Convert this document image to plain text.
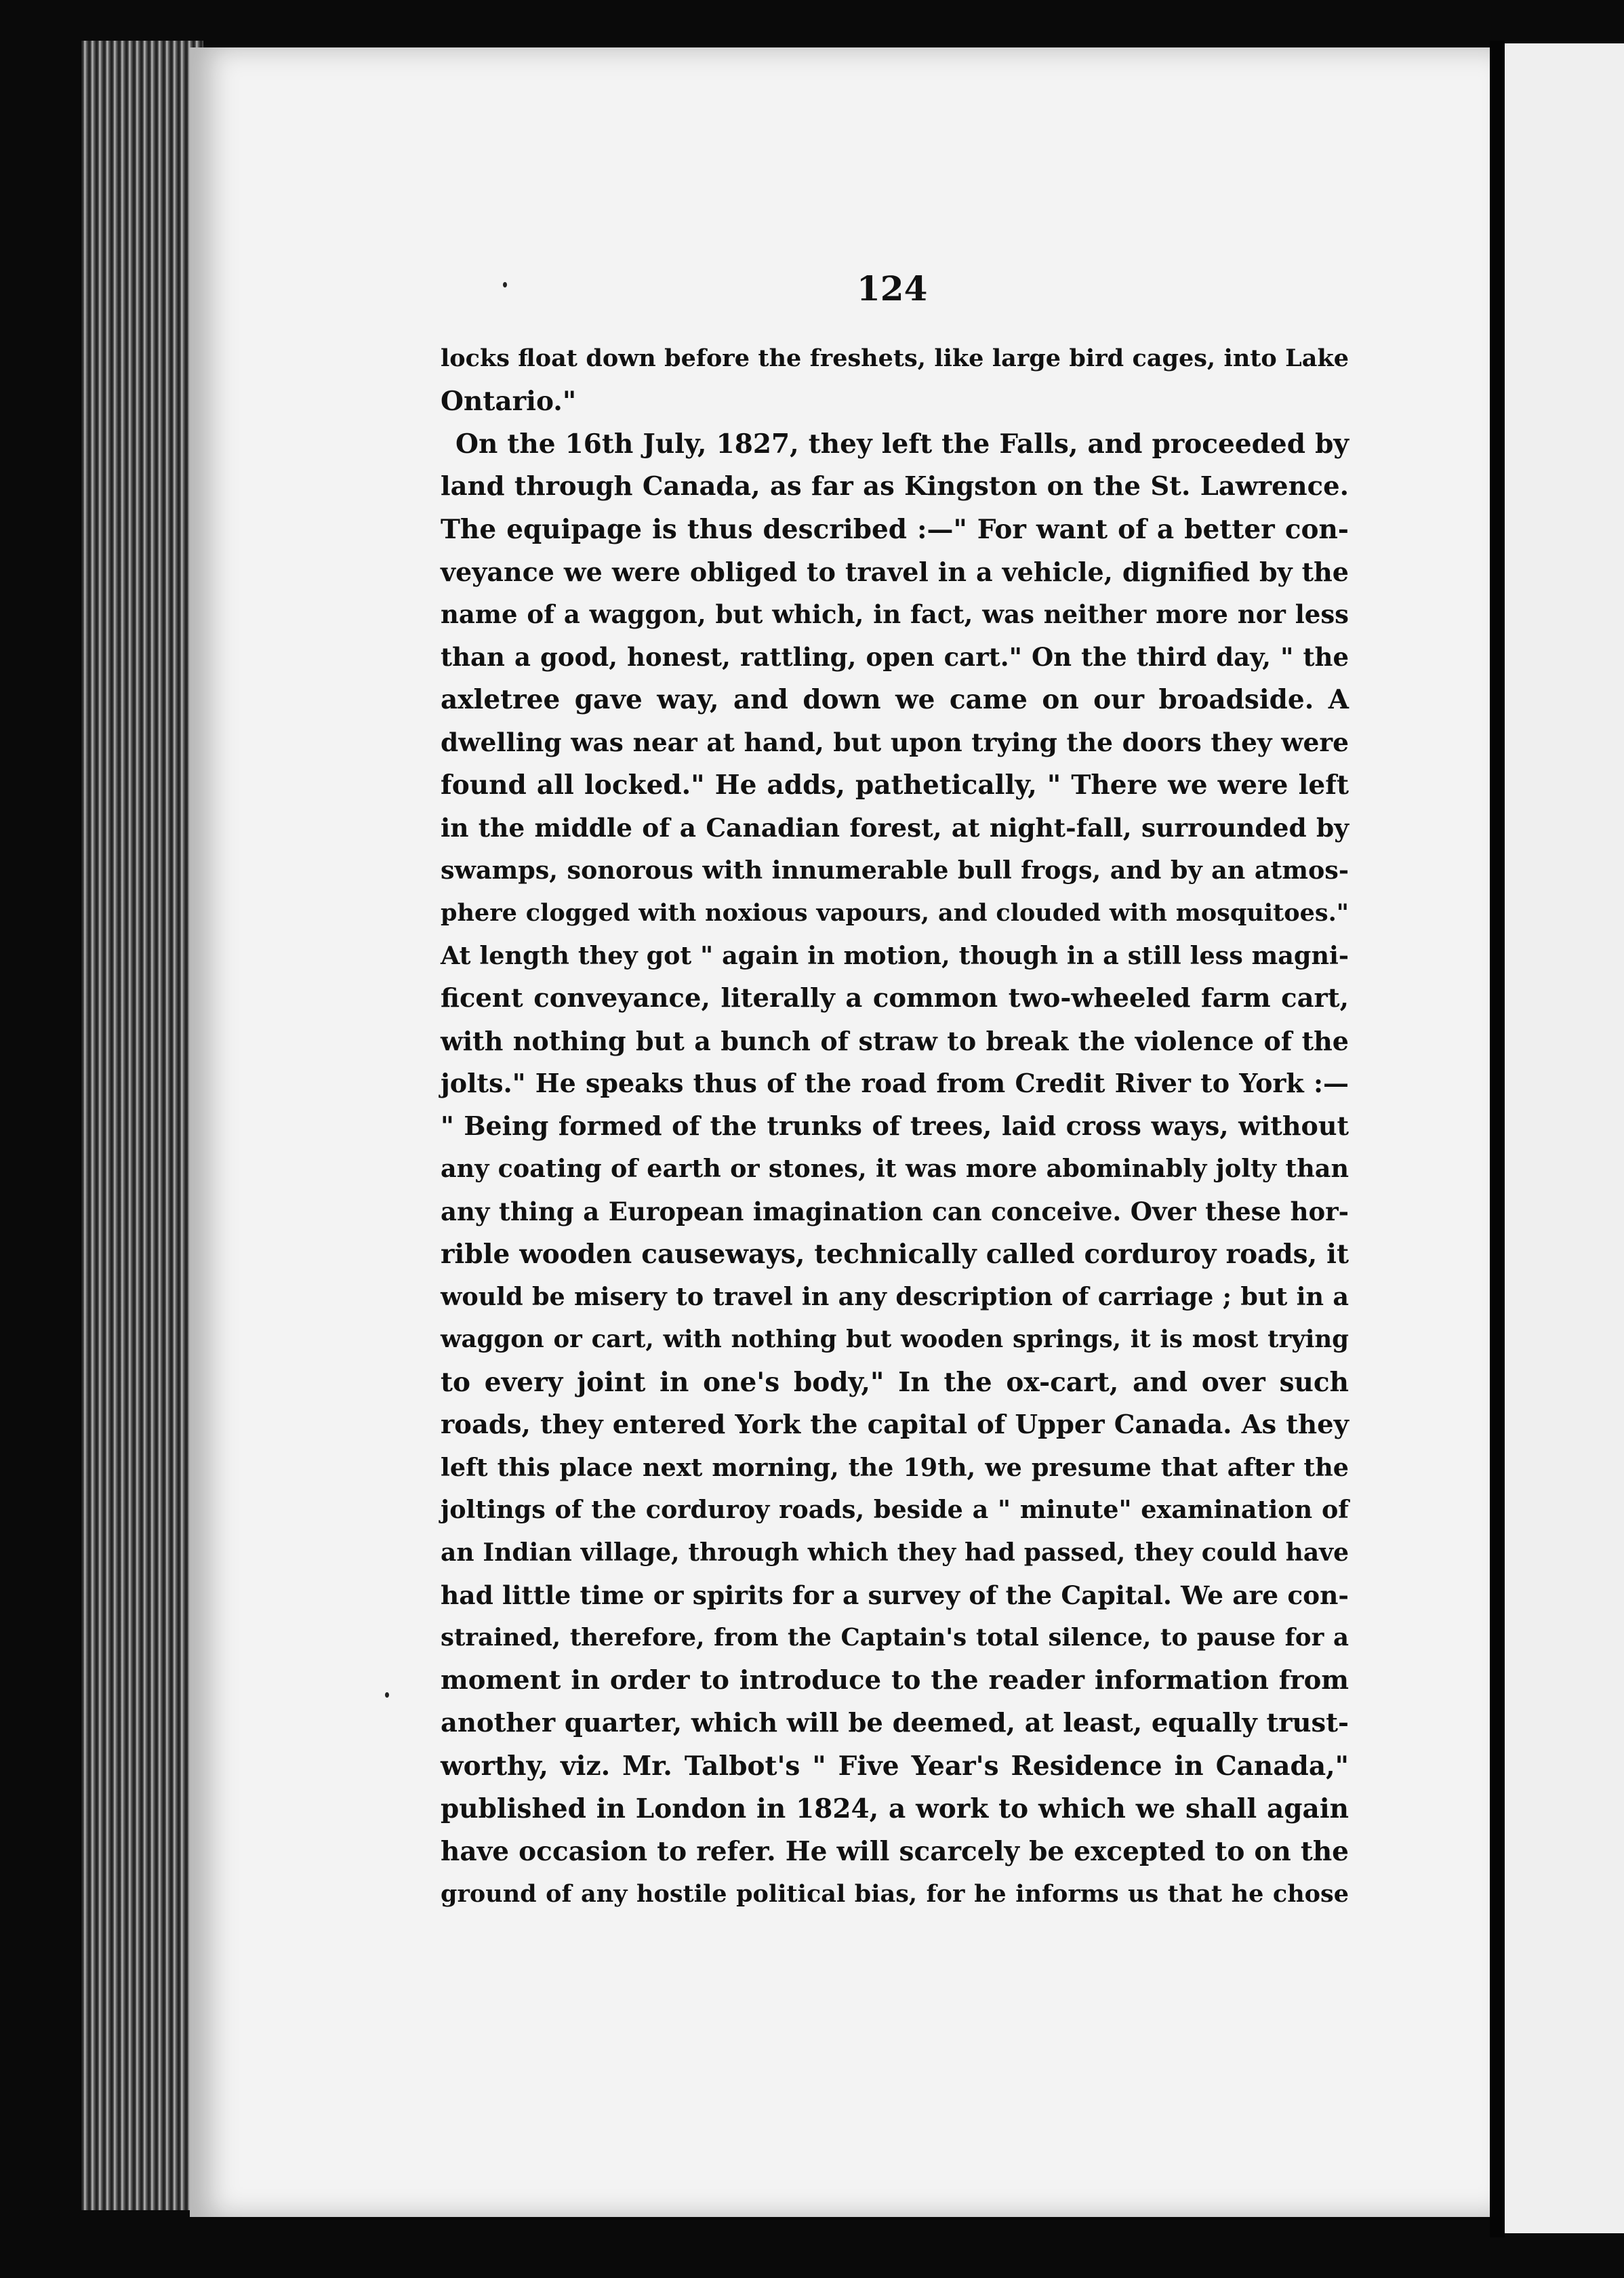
124
locks float down before the freshets, like large bird cages, into Lake
Ontario."
On the 16th July, 1827, they left the Falls, and proceeded by
land through Canada, as far as Kingston on the St. Lawrence.
The equipage is thus described :—" For want of a better con-
veyance we were obliged to travel in a vehicle, dignified by the
name of a waggon, but which, in fact, was neither more nor less
than a good, honest, rattling, open cart." On the third day, " the
axletree gave way, and down we came on our broadside. A
dwelling was near at hand, but upon trying the doors they were
found all locked." He adds, pathetically, " There we were left
in the middle of a Canadian forest, at night-fall, surrounded by
swamps, sonorous with innumerable bull frogs, and by an atmos-
phere clogged with noxious vapours, and clouded with mosquitoes."
At length they got " again in motion, though in a still less magni-
ficent conveyance, literally a common two-wheeled farm cart,
with nothing but a bunch of straw to break the violence of the
jolts." He speaks thus of the road from Credit River to York :—
" Being formed of the trunks of trees, laid cross ways, without
any coating of earth or stones, it was more abominably jolty than
any thing a European imagination can conceive. Over these hor-
rible wooden causeways, technically called corduroy roads, it
would be misery to travel in any description of carriage ; but in a
waggon or cart, with nothing but wooden springs, it is most trying
to every joint in one's body," In the ox-cart, and over such
roads, they entered York the capital of Upper Canada. As they
left this place next morning, the 19th, we presume that after the
joltings of the corduroy roads, beside a " minute" examination of
an Indian village, through which they had passed, they could have
had little time or spirits for a survey of the Capital. We are con-
strained, therefore, from the Captain's total silence, to pause for a
moment in order to introduce to the reader information from
another quarter, which will be deemed, at least, equally trust-
worthy, viz. Mr. Talbot's " Five Year's Residence in Canada,"
published in London in 1824, a work to which we shall again
have occasion to refer. He will scarcely be excepted to on the
ground of any hostile political bias, for he informs us that he chose
